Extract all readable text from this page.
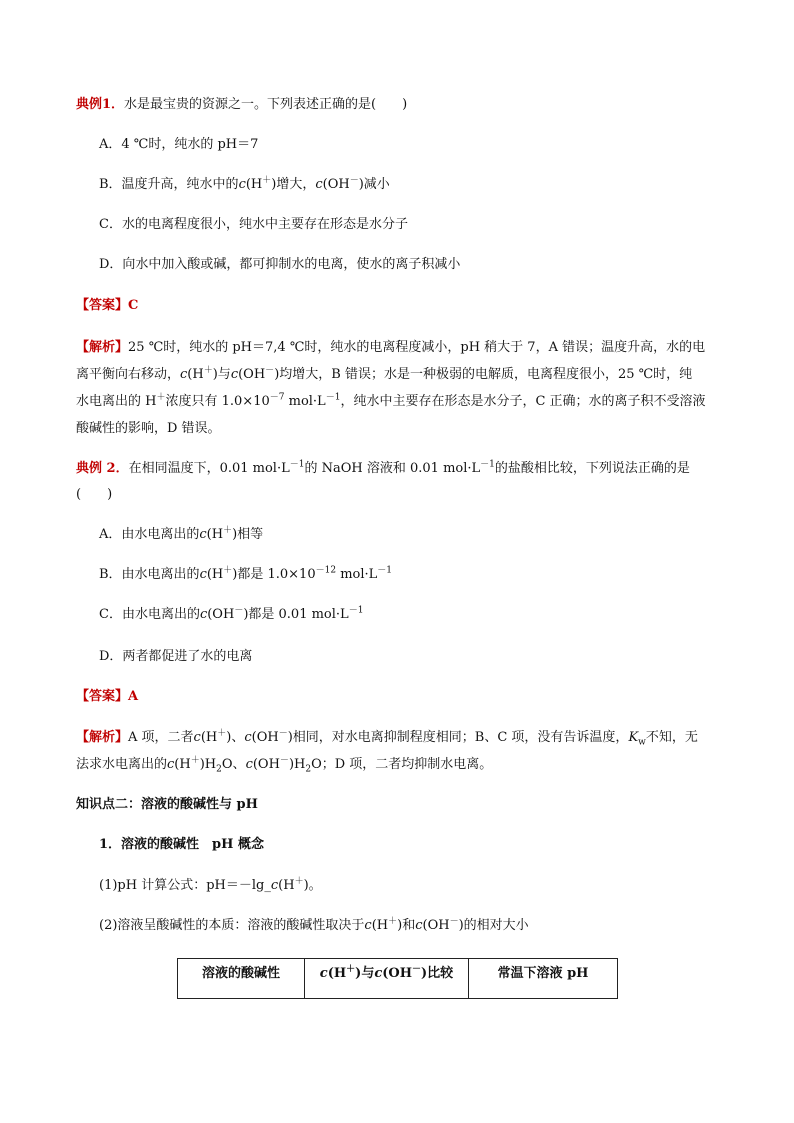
典例1．水是最宝贵的资源之一。下列表述正确的是(　　)
A．4 ℃时，纯水的 pH＝7
B．温度升高，纯水中的c(H＋)增大，c(OH－)减小
C．水的电离程度很小，纯水中主要存在形态是水分子
D．向水中加入酸或碱，都可抑制水的电离，使水的离子积减小
【答案】C
【解析】25 ℃时，纯水的 pH＝7,4 ℃时，纯水的电离程度减小，pH 稍大于 7，A 错误；温度升高，水的电
离平衡向右移动，c(H＋)与c(OH－)均增大，B 错误；水是一种极弱的电解质，电离程度很小，25 ℃时，纯
水电离出的 H＋浓度只有 $1.0\times 10^{-7}$ $mol\cdot L^{-1}$，纯水中主要存在形态是水分子，C 正确；水的离子积不受溶液
酸碱性的影响，D 错误。
典例 2．在相同温度下，0.01 $mol\cdot L^{-1}$的 NaOH 溶液和 0.01 $mol\cdot L^{-1}$的盐酸相比较，下列说法正确的是
(　　)
A．由水电离出的c(H＋)相等
B．由水电离出的c(H＋)都是 $1.0\times 10^{-12}$ $mol\cdot L^{-1}$
C．由水电离出的c(OH－)都是 0.01 $mol\cdot L^{-1}$
D．两者都促进了水的电离
【答案】A
【解析】A 项，二者c(H＋)、c(OH－)相同，对水电离抑制程度相同；B、C 项，没有告诉温度，$K_w$不知，无
法求水电离出的$c(H^+)H_2O$、$c(OH^-)H_2O$；D 项，二者均抑制水电离。
知识点二：溶液的酸碱性与 pH
1．溶液的酸碱性　pH 概念
(1)pH 计算公式：pH＝－lg_c(H＋)。
(2)溶液呈酸碱性的本质：溶液的酸碱性取决于c(H＋)和c(OH－)的相对大小
溶液的酸碱性	c(H＋)与c(OH－)比较	常温下溶液 pH
